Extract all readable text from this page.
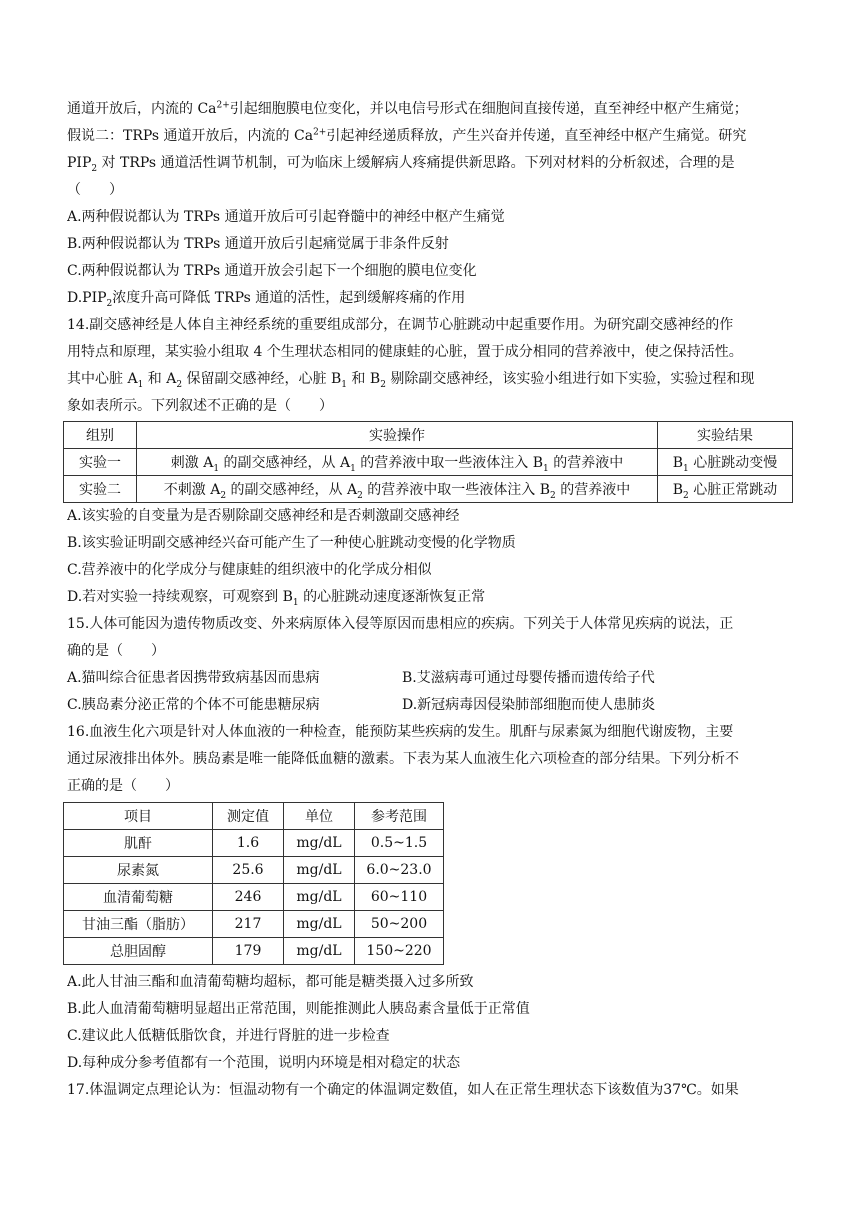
通道开放后，内流的 $Ca^{2+}$引起细胞膜电位变化，并以电信号形式在细胞间直接传递，直至神经中枢产生痛觉；
假说二：TRPs 通道开放后，内流的 $Ca^{2+}$引起神经递质释放，产生兴奋并传递，直至神经中枢产生痛觉。研究
$PIP_2$ 对 TRPs 通道活性调节机制，可为临床上缓解病人疼痛提供新思路。下列对材料的分析叙述，合理的是
（　　）
A.两种假说都认为 TRPs 通道开放后可引起脊髓中的神经中枢产生痛觉
B.两种假说都认为 TRPs 通道开放后引起痛觉属于非条件反射
C.两种假说都认为 TRPs 通道开放会引起下一个细胞的膜电位变化
$D.PIP_2$浓度升高可降低 TRPs 通道的活性，起到缓解疼痛的作用
14.副交感神经是人体自主神经系统的重要组成部分，在调节心脏跳动中起重要作用。为研究副交感神经的作
用特点和原理，某实验小组取 4 个生理状态相同的健康蛙的心脏，置于成分相同的营养液中，使之保持活性。
其中心脏 $A_1$ 和 $A_2$ 保留副交感神经，心脏 $B_1$ 和 $B_2$ 剔除副交感神经，该实验小组进行如下实验，实验过程和现
象如表所示。下列叙述不正确的是（　　）
组别	实验操作	实验结果
实验一	刺激 $A_1$ 的副交感神经，从 $A_1$ 的营养液中取一些液体注入 $B_1$ 的营养液中	$B_1$ 心脏跳动变慢
实验二	不刺激 $A_2$ 的副交感神经，从 $A_2$ 的营养液中取一些液体注入 $B_2$ 的营养液中	$B_2$ 心脏正常跳动
A.该实验的自变量为是否剔除副交感神经和是否刺激副交感神经
B.该实验证明副交感神经兴奋可能产生了一种使心脏跳动变慢的化学物质
C.营养液中的化学成分与健康蛙的组织液中的化学成分相似
D.若对实验一持续观察，可观察到 $B_1$ 的心脏跳动速度逐渐恢复正常
15.人体可能因为遗传物质改变、外来病原体入侵等原因而患相应的疾病。下列关于人体常见疾病的说法，正
确的是（　　）
A.猫叫综合征患者因携带致病基因而患病	B.艾滋病毒可通过母婴传播而遗传给子代
C.胰岛素分泌正常的个体不可能患糖尿病	D.新冠病毒因侵染肺部细胞而使人患肺炎
16.血液生化六项是针对人体血液的一种检查，能预防某些疾病的发生。肌酐与尿素氮为细胞代谢废物，主要
通过尿液排出体外。胰岛素是唯一能降低血糖的激素。下表为某人血液生化六项检查的部分结果。下列分析不
正确的是（　　）
项目	测定值	单位	参考范围
肌酐	1.6	mg/dL	0.5~1.5
尿素氮	25.6	mg/dL	6.0~23.0
血清葡萄糖	246	mg/dL	60~110
甘油三酯（脂肪）	217	mg/dL	50~200
总胆固醇	179	mg/dL	150~220
A.此人甘油三酯和血清葡萄糖均超标，都可能是糖类摄入过多所致
B.此人血清葡萄糖明显超出正常范围，则能推测此人胰岛素含量低于正常值
C.建议此人低糖低脂饮食，并进行肾脏的进一步检查
D.每种成分参考值都有一个范围，说明内环境是相对稳定的状态
17.体温调定点理论认为：恒温动物有一个确定的体温调定数值，如人在正常生理状态下该数值为37℃。如果
